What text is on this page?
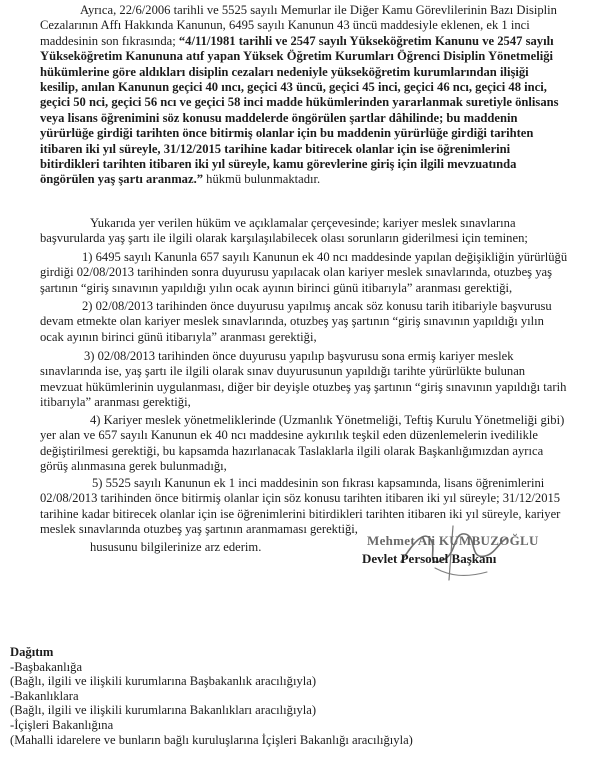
Ayrıca, 22/6/2006 tarihli ve 5525 sayılı Memurlar ile Diğer Kamu Görevlilerinin Bazı Disiplin
Cezalarının Affı Hakkında Kanunun, 6495 sayılı Kanunun 43 üncü maddesiyle eklenen, ek 1 inci
maddesinin son fıkrasında; “4/11/1981 tarihli ve 2547 sayılı Yükseköğretim Kanunu ve 2547 sayılı
Yükseköğretim Kanununa atıf yapan Yüksek Öğretim Kurumları Öğrenci Disiplin Yönetmeliği
hükümlerine göre aldıkları disiplin cezaları nedeniyle yükseköğretim kurumlarından ilişiği
kesilip, anılan Kanunun geçici 40 ıncı, geçici 43 üncü, geçici 45 inci, geçici 46 ncı, geçici 48 inci,
geçici 50 nci, geçici 56 ncı ve geçici 58 inci madde hükümlerinden yararlanmak suretiyle önlisans
veya lisans öğrenimini söz konusu maddelerde öngörülen şartlar dâhilinde; bu maddenin
yürürlüğe girdiği tarihten önce bitirmiş olanlar için bu maddenin yürürlüğe girdiği tarihten
itibaren iki yıl süreyle, 31/12/2015 tarihine kadar bitirecek olanlar için ise öğrenimlerini
bitirdikleri tarihten itibaren iki yıl süreyle, kamu görevlerine giriş için ilgili mevzuatında
öngörülen yaş şartı aranmaz.” hükmü bulunmaktadır.
Yukarıda yer verilen hüküm ve açıklamalar çerçevesinde; kariyer meslek sınavlarına
başvurularda yaş şartı ile ilgili olarak karşılaşılabilecek olası sorunların giderilmesi için teminen;
1) 6495 sayılı Kanunla 657 sayılı Kanunun ek 40 ncı maddesinde yapılan değişikliğin yürürlüğü
girdiği 02/08/2013 tarihinden sonra duyurusu yapılacak olan kariyer meslek sınavlarında, otuzbeş yaş
şartının “giriş sınavının yapıldığı yılın ocak ayının birinci günü itibarıyla” aranması gerektiği,
2) 02/08/2013 tarihinden önce duyurusu yapılmış ancak söz konusu tarih itibariyle başvurusu
devam etmekte olan kariyer meslek sınavlarında, otuzbeş yaş şartının “giriş sınavının yapıldığı yılın
ocak ayının birinci günü itibarıyla” aranması gerektiği,
3) 02/08/2013 tarihinden önce duyurusu yapılıp başvurusu sona ermiş kariyer meslek
sınavlarında ise, yaş şartı ile ilgili olarak sınav duyurusunun yapıldığı tarihte yürürlükte bulunan
mevzuat hükümlerinin uygulanması, diğer bir deyişle otuzbeş yaş şartının “giriş sınavının yapıldığı tarih
itibarıyla” aranması gerektiği,
4) Kariyer meslek yönetmeliklerinde (Uzmanlık Yönetmeliği, Teftiş Kurulu Yönetmeliği gibi)
yer alan ve 657 sayılı Kanunun ek 40 ncı maddesine aykırılık teşkil eden düzenlemelerin ivedilikle
değiştirilmesi gerektiği, bu kapsamda hazırlanacak Taslaklarla ilgili olarak Başkanlığımızdan ayrıca
görüş alınmasına gerek bulunmadığı,
5) 5525 sayılı Kanunun ek 1 inci maddesinin son fıkrası kapsamında, lisans öğrenimlerini
02/08/2013 tarihinden önce bitirmiş olanlar için söz konusu tarihten itibaren iki yıl süreyle; 31/12/2015
tarihine kadar bitirecek olanlar için ise öğrenimlerini bitirdikleri tarihten itibaren iki yıl süreyle, kariyer
meslek sınavlarında otuzbeş yaş şartının aranmaması gerektiği,
hususunu bilgilerinize arz ederim.	Mehmet Ali KUMBUZOĞLU
Devlet Personel Başkanı
Dağıtım
-Başbakanlığa
(Bağlı, ilgili ve ilişkili kurumlarına Başbakanlık aracılığıyla)
-Bakanlıklara
(Bağlı, ilgili ve ilişkili kurumlarına Bakanlıkları aracılığıyla)
-İçişleri Bakanlığına
(Mahalli idarelere ve bunların bağlı kuruluşlarına İçişleri Bakanlığı aracılığıyla)
